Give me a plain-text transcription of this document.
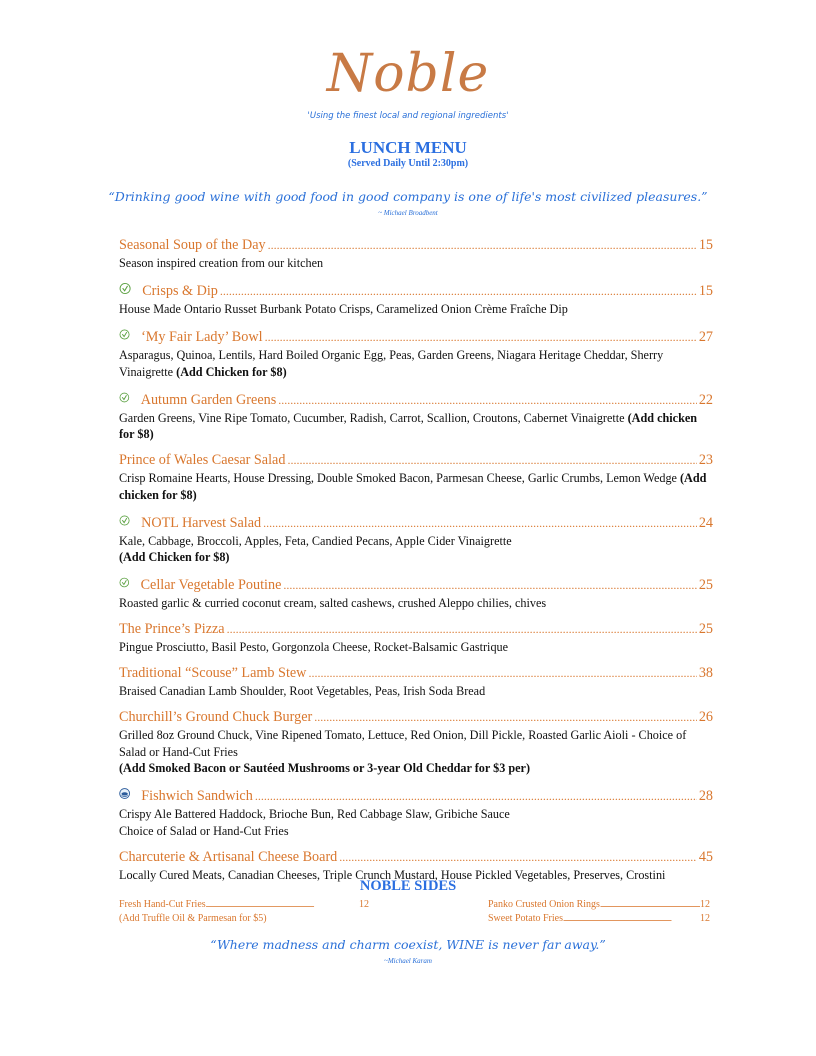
Noble
'Using the finest local and regional ingredients'
LUNCH MENU
(Served Daily Until 2:30pm)
“Drinking good wine with good food in good company is one of life's most civilized pleasures.”
~ Michael Broadbent
Seasonal Soup of the Day . . .	15
Season inspired creation from our kitchen
Crisps & Dip . . .	15
House Made Ontario Russet Burbank Potato Crisps, Caramelized Onion Crème Fraîche Dip
‘My Fair Lady’ Bowl . . .	27
Asparagus, Quinoa, Lentils, Hard Boiled Organic Egg, Peas, Garden Greens, Niagara Heritage Cheddar, Sherry Vinaigrette (Add Chicken for $8)
Autumn Garden Greens . . .	22
Garden Greens, Vine Ripe Tomato, Cucumber, Radish, Carrot, Scallion, Croutons, Cabernet Vinaigrette (Add chicken for $8)
Prince of Wales Caesar Salad . . .	23
Crisp Romaine Hearts, House Dressing, Double Smoked Bacon, Parmesan Cheese, Garlic Crumbs, Lemon Wedge (Add chicken for $8)
NOTL Harvest Salad . . .	24
Kale, Cabbage, Broccoli, Apples, Feta, Candied Pecans, Apple Cider Vinaigrette
(Add Chicken for $8)
Cellar Vegetable Poutine . . .	25
Roasted garlic & curried coconut cream, salted cashews, crushed Aleppo chilies, chives
The Prince’s Pizza . . .	25
Pingue Prosciutto, Basil Pesto, Gorgonzola Cheese, Rocket-Balsamic Gastrique
Traditional “Scouse” Lamb Stew . . .	38
Braised Canadian Lamb Shoulder, Root Vegetables, Peas, Irish Soda Bread
Churchill’s Ground Chuck Burger . . .	26
Grilled 8oz Ground Chuck, Vine Ripened Tomato, Lettuce, Red Onion, Dill Pickle, Roasted Garlic Aioli - Choice of Salad or Hand-Cut Fries
(Add Smoked Bacon or Sautéed Mushrooms or 3-year Old Cheddar for $3 per)
Fishwich Sandwich . . .	28
Crispy Ale Battered Haddock, Brioche Bun, Red Cabbage Slaw, Gribiche Sauce
Choice of Salad or Hand-Cut Fries
Charcuterie & Artisanal Cheese Board . . .	45
Locally Cured Meats, Canadian Cheeses, Triple Crunch Mustard, House Pickled Vegetables, Preserves, Crostini
NOBLE SIDES
Fresh Hand-Cut Fries .....	12
(Add Truffle Oil & Parmesan for $5)
Panko Crusted Onion Rings .....	12
Sweet Potato Fries .....	12
“Where madness and charm coexist, WINE is never far away.”
~Michael Karam
